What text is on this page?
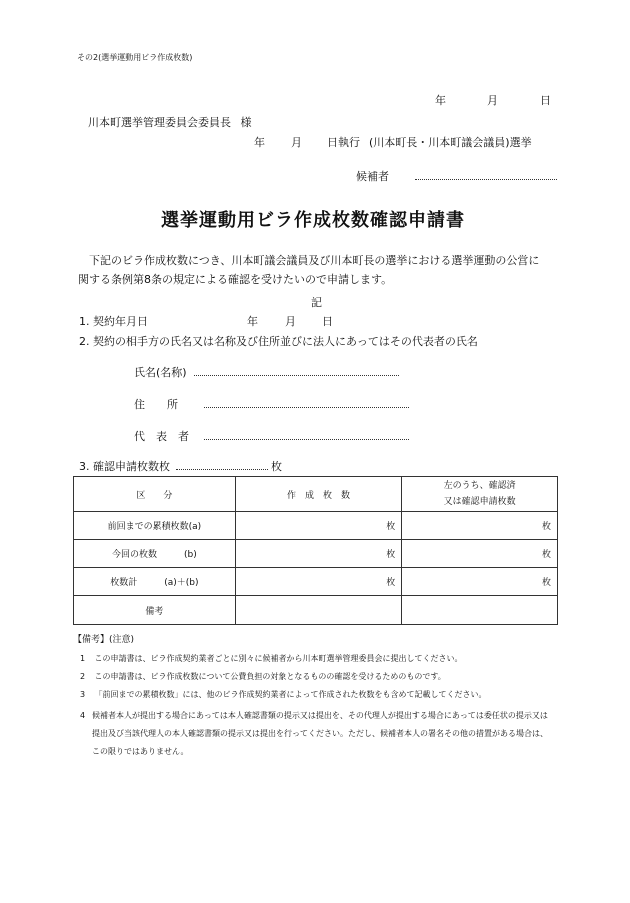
その2(選挙運動用ビラ作成枚数)
年	月	日
川本町選挙管理委員会委員長 様
年 月 日執行 (川本町長・川本町議会議員)選挙
候補者
選挙運動用ビラ作成枚数確認申請書
下記のビラ作成枚数につき、川本町議会議員及び川本町長の選挙における選挙運動の公営に関する条例第8条の規定による確認を受けたいので申請します。
記
1. 契約年月日	年 月 日
2. 契約の相手方の氏名又は名称及び住所並びに法人にあってはその代表者の氏名
氏名(名称)
住　　所
代　表　者
3. 確認申請枚数枚	枚
区　　分	作　成　枚　数	左のうち、確認済
又は確認申請枚数

前回までの累積枚数(a)	枚	枚
今回の枚数　　　(b)	枚	枚
枚数計　　　(a)＋(b)	枚	枚
備考		
【備考】(注意)
1 この申請書は、ビラ作成契約業者ごとに別々に候補者から川本町選挙管理委員会に提出してください。
2 この申請書は、ビラ作成枚数について公費負担の対象となるものの確認を受けるためのものです。
3 「前回までの累積枚数」には、他のビラ作成契約業者によって作成された枚数をも含めて記載してください。
4 候補者本人が提出する場合にあっては本人確認書類の提示又は提出を、その代理人が提出する場合にあっては委任状の提示又は提出及び当該代理人の本人確認書類の提示又は提出を行ってください。ただし、候補者本人の署名その他の措置がある場合は、この限りではありません。
